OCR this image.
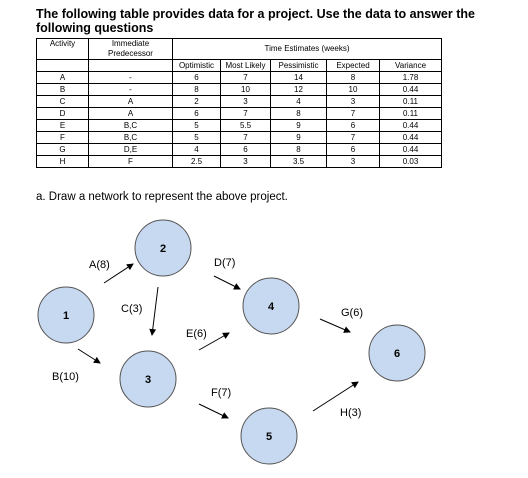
The following table provides data for a project. Use the data to answer the following questions
Activity	Immediate Predecessor	Time Estimates (weeks)				
		Optimistic	Most Likely	Pessimistic	Expected	Variance
A	-	6	7	14	8	1.78
B	-	8	10	12	10	0.44
C	A	2	3	4	3	0.11
D	A	6	7	8	7	0.11
E	B,C	5	5.5	9	6	0.44
F	B,C	5	7	9	7	0.44
G	D,E	4	6	8	6	0.44
H	F	2.5	3	3.5	3	0.03
a. Draw a network to represent the above project.
A(8)
B(10)
C(3)
D(7)
E(6)
F(7)
G(6)
H(3)
1
2
3
4
5
6
